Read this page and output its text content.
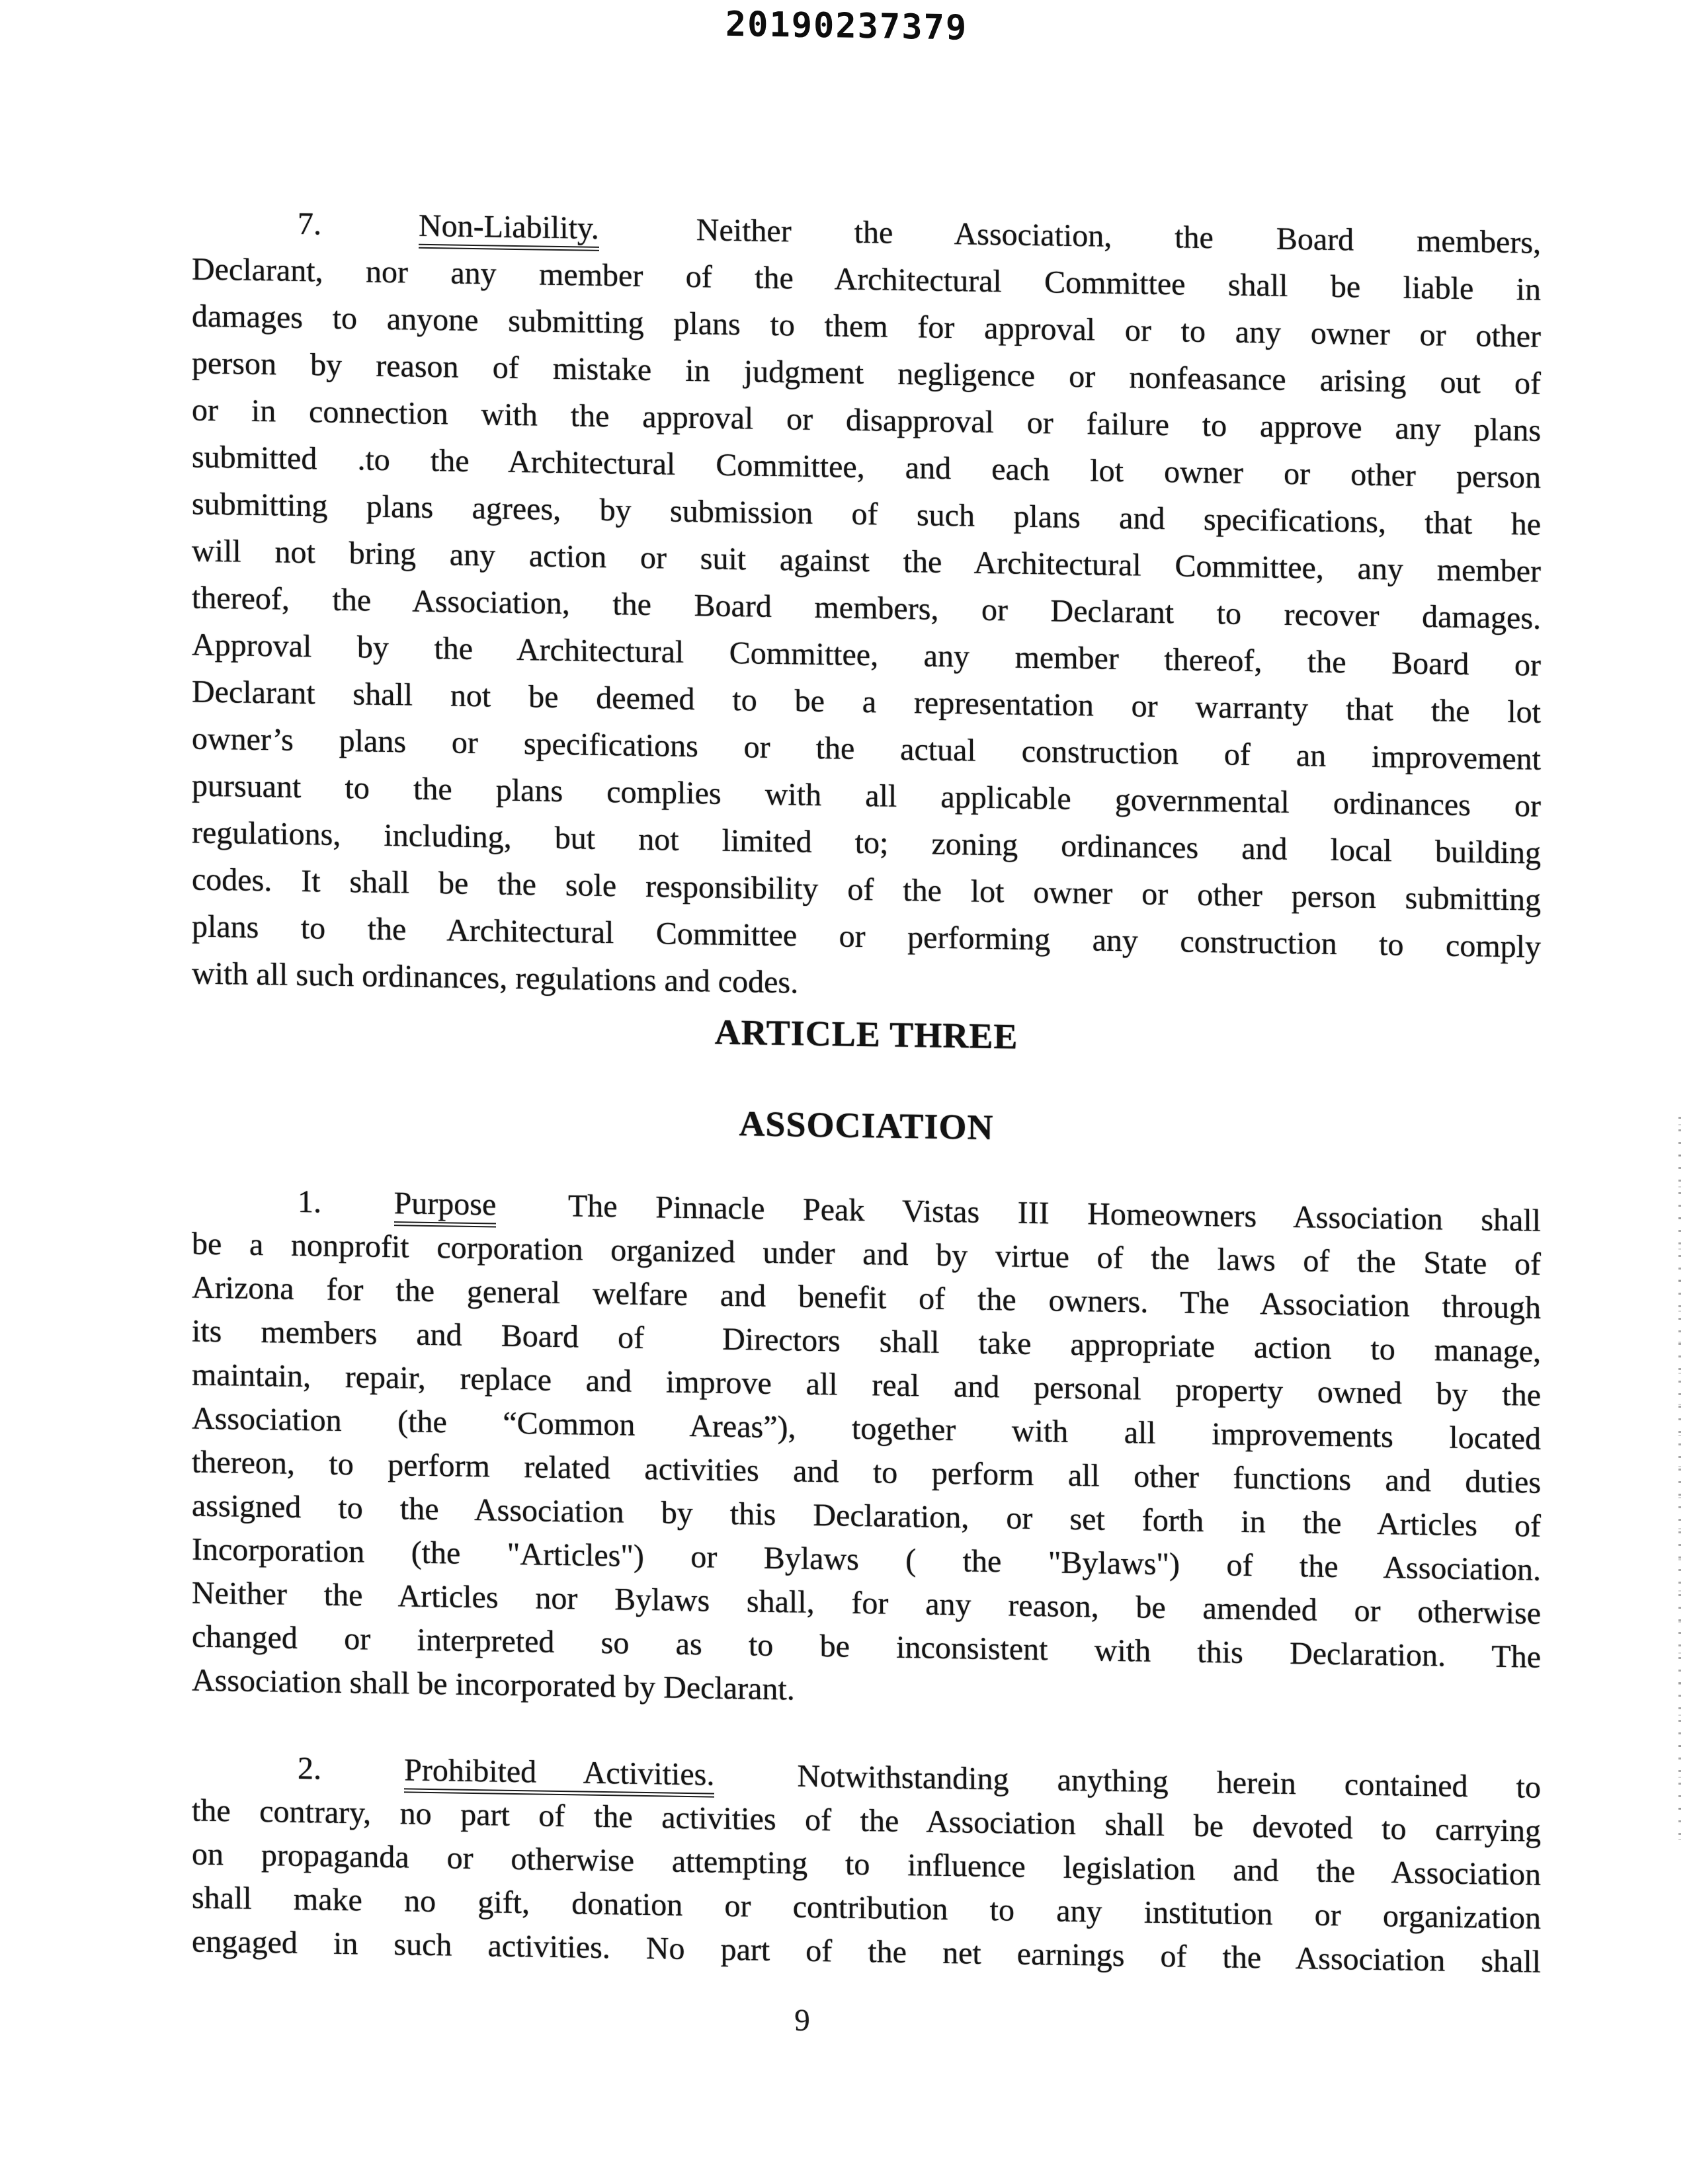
20190237379
7.	Non-Liability.	Neither the Association, the Board members,
Declarant, nor any member of the Architectural Committee shall be liable in
damages to anyone submitting plans to them for approval or to any owner or other
person by reason of mistake in judgment negligence or nonfeasance arising out of
or in connection with the approval or disapproval or failure to approve any plans
submitted .to the Architectural Committee, and each lot owner or other person
submitting plans agrees, by submission of such plans and specifications, that he
will not bring any action or suit against the Architectural Committee, any member
thereof, the Association, the Board members, or Declarant to recover damages.
Approval by the Architectural Committee, any member thereof, the Board or
Declarant shall not be deemed to be a representation or warranty that the lot
owner’s plans or specifications or the actual construction of an improvement
pursuant to the plans complies with all applicable governmental ordinances or
regulations, including, but not limited to; zoning ordinances and local building
codes. It shall be the sole responsibility of the lot owner or other person submitting
plans to the Architectural Committee or performing any construction to comply
with all such ordinances, regulations and codes.
ARTICLE THREE
ASSOCIATION
1. Purpose The Pinnacle Peak Vistas III Homeowners Association shall
be a nonprofit corporation organized under and by virtue of the laws of the State of
Arizona for the general welfare and benefit of the owners. The Association through
its members and Board of  Directors shall take appropriate action to manage,
maintain, repair, replace and improve all real and personal property owned by the
Association (the “Common Areas”), together with all improvements located
thereon, to perform related activities and to perform all other functions and duties
assigned to the Association by this Declaration, or set forth in the Articles of
Incorporation (the "Articles") or Bylaws ( the "Bylaws") of the Association.
Neither the Articles nor Bylaws shall, for any reason, be amended or otherwise
changed or interpreted so as to be inconsistent with this Declaration. The
Association shall be incorporated by Declarant.
2.	Prohibited Activities.	Notwithstanding anything herein contained to
the contrary, no part of the activities of the Association shall be devoted to carrying
on propaganda or otherwise attempting to influence legislation and the Association
shall make no gift, donation or contribution to any institution or organization
engaged in such activities. No part of the net earnings of the Association shall
9
